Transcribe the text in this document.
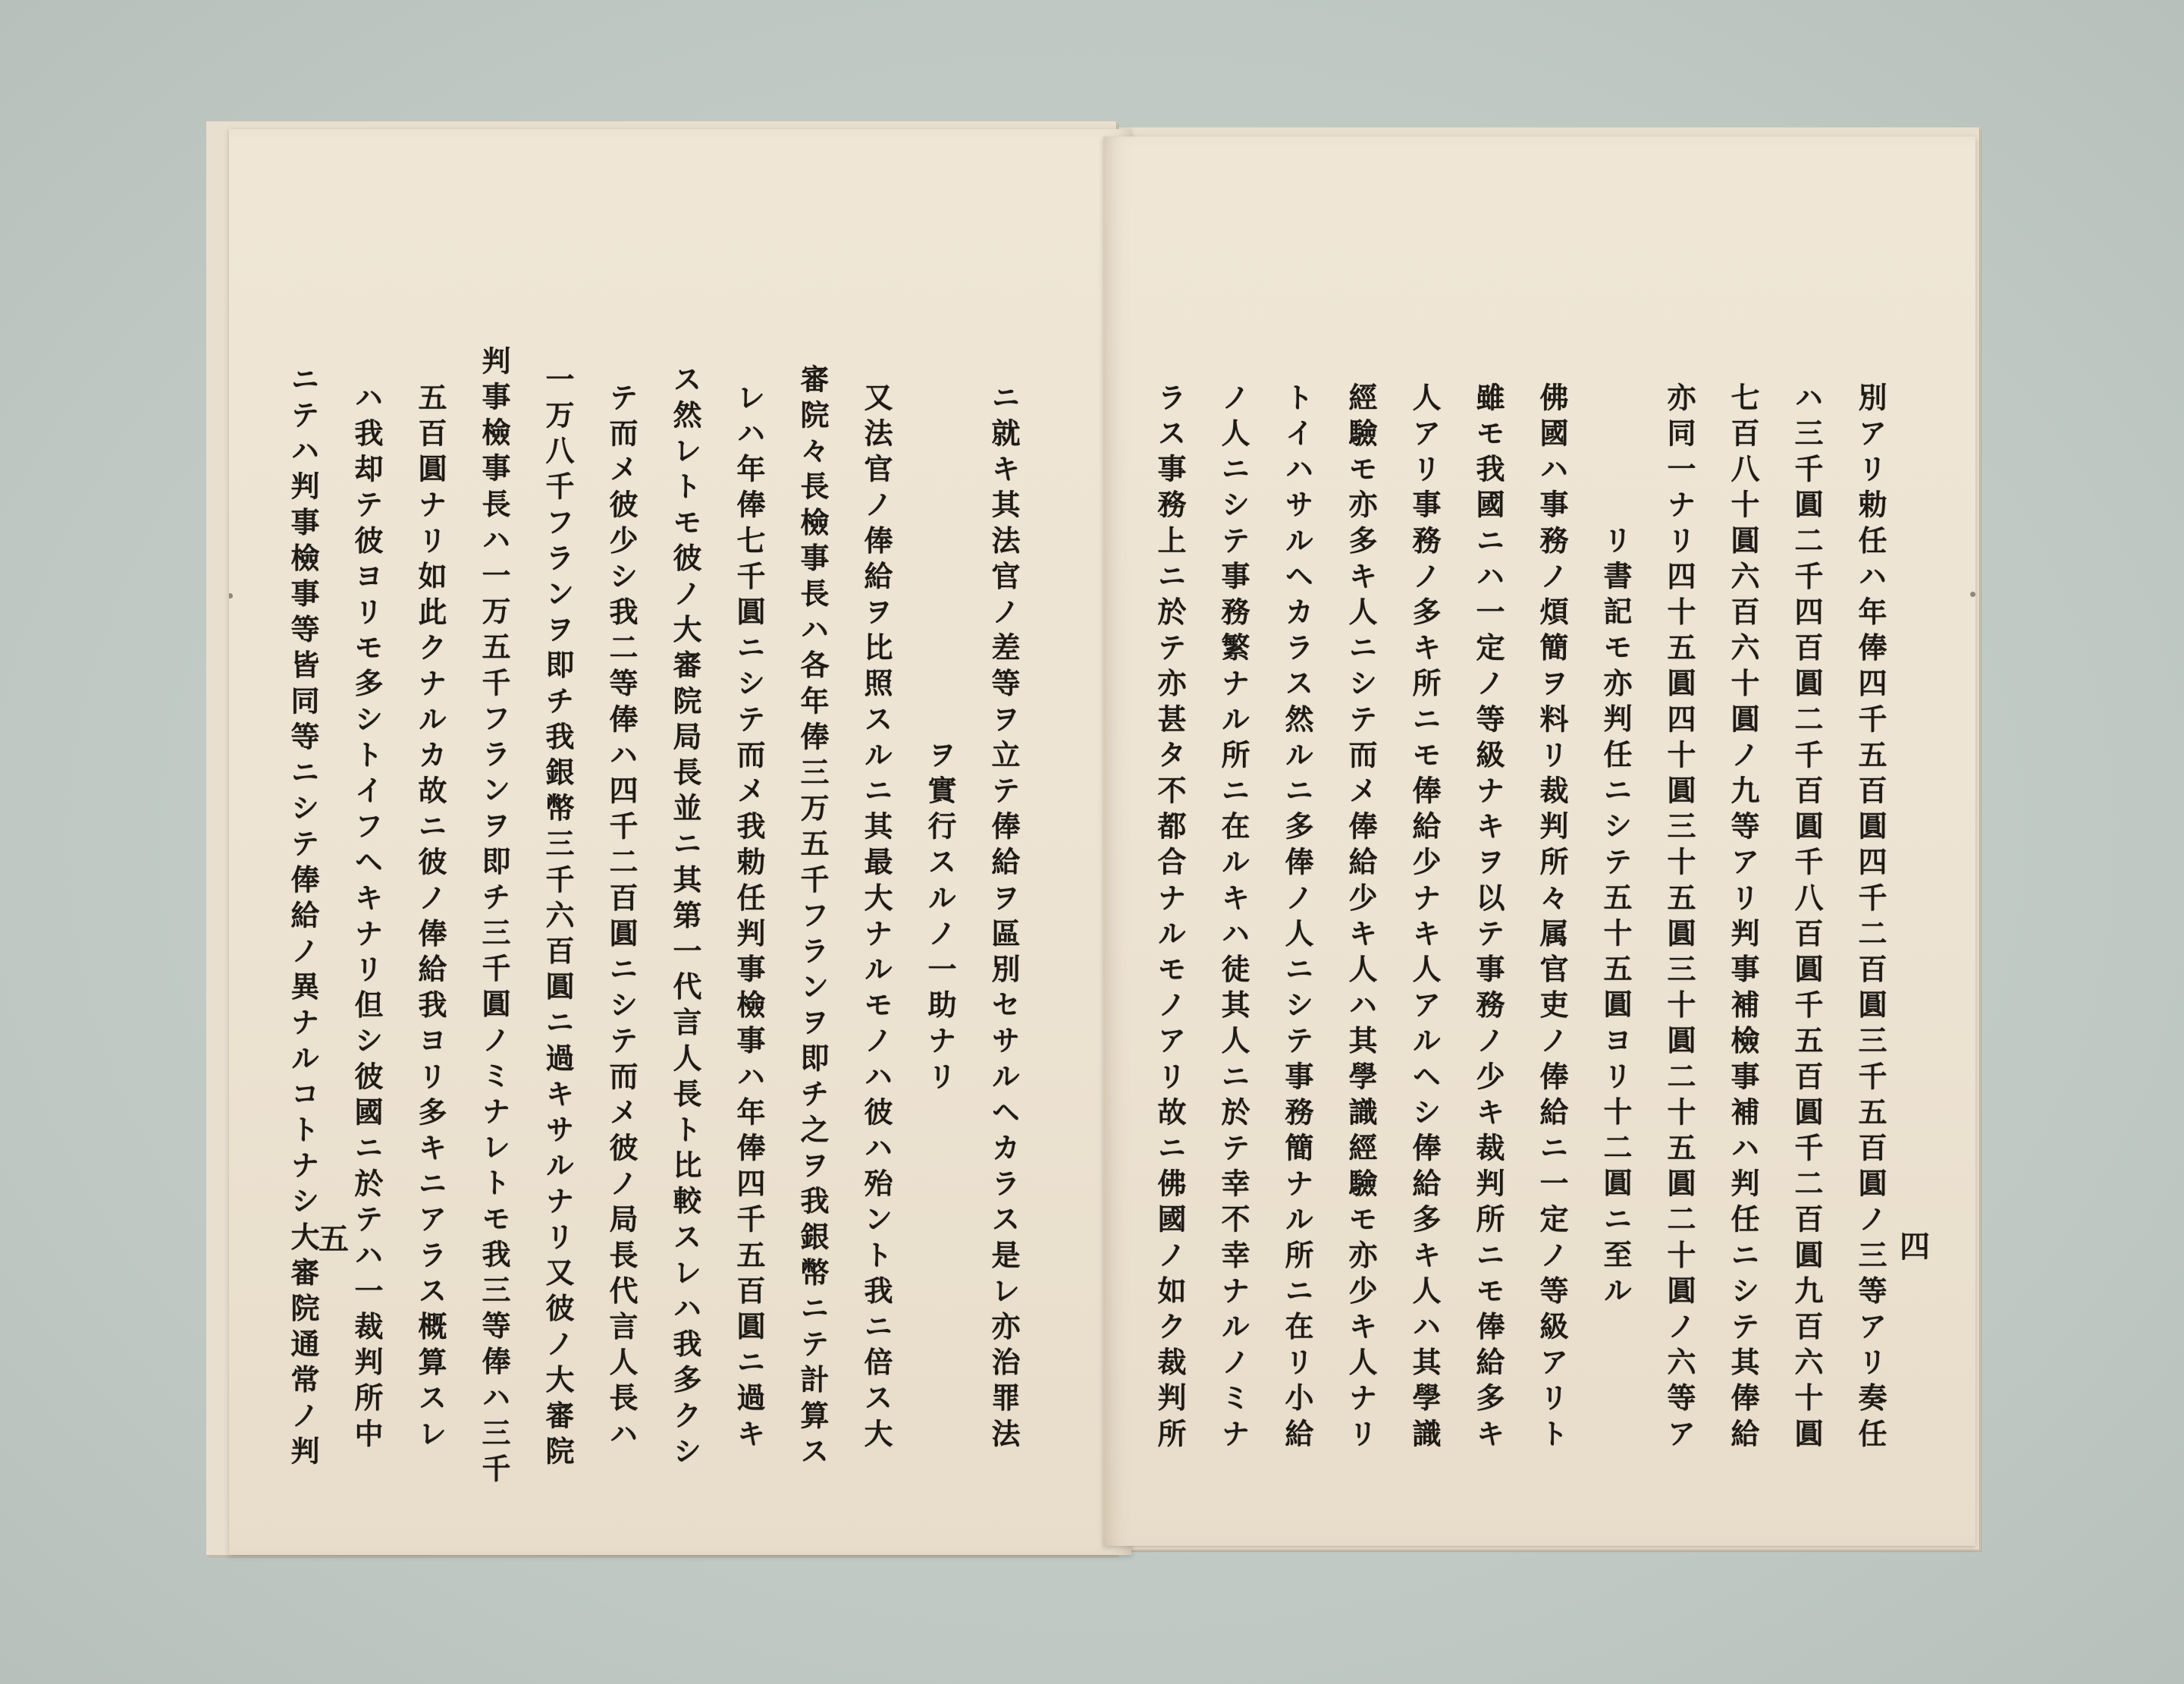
ニ就キ其法官ノ差等ヲ立テ俸給ヲ區別セサルヘカラス是レ亦治罪法
ヲ實行スルノ一助ナリ
又法官ノ俸給ヲ比照スルニ其最大ナルモノハ彼ハ殆ント我ニ倍ス大
審院々長檢事長ハ各年俸三万五千フランヲ即チ之ヲ我銀幣ニテ計算ス
レハ年俸七千圓ニシテ而メ我勅任判事檢事ハ年俸四千五百圓ニ過キ
ス然レトモ彼ノ大審院局長並ニ其第一代言人長ト比較スレハ我多クシ
テ而メ彼少シ我二等俸ハ四千二百圓ニシテ而メ彼ノ局長代言人長ハ
一万八千フランヲ即チ我銀幣三千六百圓ニ過キサルナリ又彼ノ大審院
判事檢事長ハ一万五千フランヲ即チ三千圓ノミナレトモ我三等俸ハ三千
五百圓ナリ如此クナルカ故ニ彼ノ俸給我ヨリ多キニアラス概算スレ
ハ我却テ彼ヨリモ多シトイフヘキナリ但シ彼國ニ於テハ一裁判所中
ニテハ判事檢事等皆同等ニシテ俸給ノ異ナルコトナシ大審院通常ノ判
五	別アリ勅任ハ年俸四千五百圓四千二百圓三千五百圓ノ三等アリ奏任
ハ三千圓二千四百圓二千百圓千八百圓千五百圓千二百圓九百六十圓
七百八十圓六百六十圓ノ九等アリ判事補檢事補ハ判任ニシテ其俸給
亦同一ナリ四十五圓四十圓三十五圓三十圓二十五圓二十圓ノ六等ア
リ書記モ亦判任ニシテ五十五圓ヨリ十二圓ニ至ル
佛國ハ事務ノ煩簡ヲ料リ裁判所々属官吏ノ俸給ニ一定ノ等級アリト
雖モ我國ニハ一定ノ等級ナキヲ以テ事務ノ少キ裁判所ニモ俸給多キ
人アリ事務ノ多キ所ニモ俸給少ナキ人アルヘシ俸給多キ人ハ其學識
經驗モ亦多キ人ニシテ而メ俸給少キ人ハ其學識經驗モ亦少キ人ナリ
トイハサルヘカラス然ルニ多俸ノ人ニシテ事務簡ナル所ニ在リ小給
ノ人ニシテ事務繁ナル所ニ在ルキハ徒其人ニ於テ幸不幸ナルノミナ
ラス事務上ニ於テ亦甚タ不都合ナルモノアリ故ニ佛國ノ如ク裁判所	四
